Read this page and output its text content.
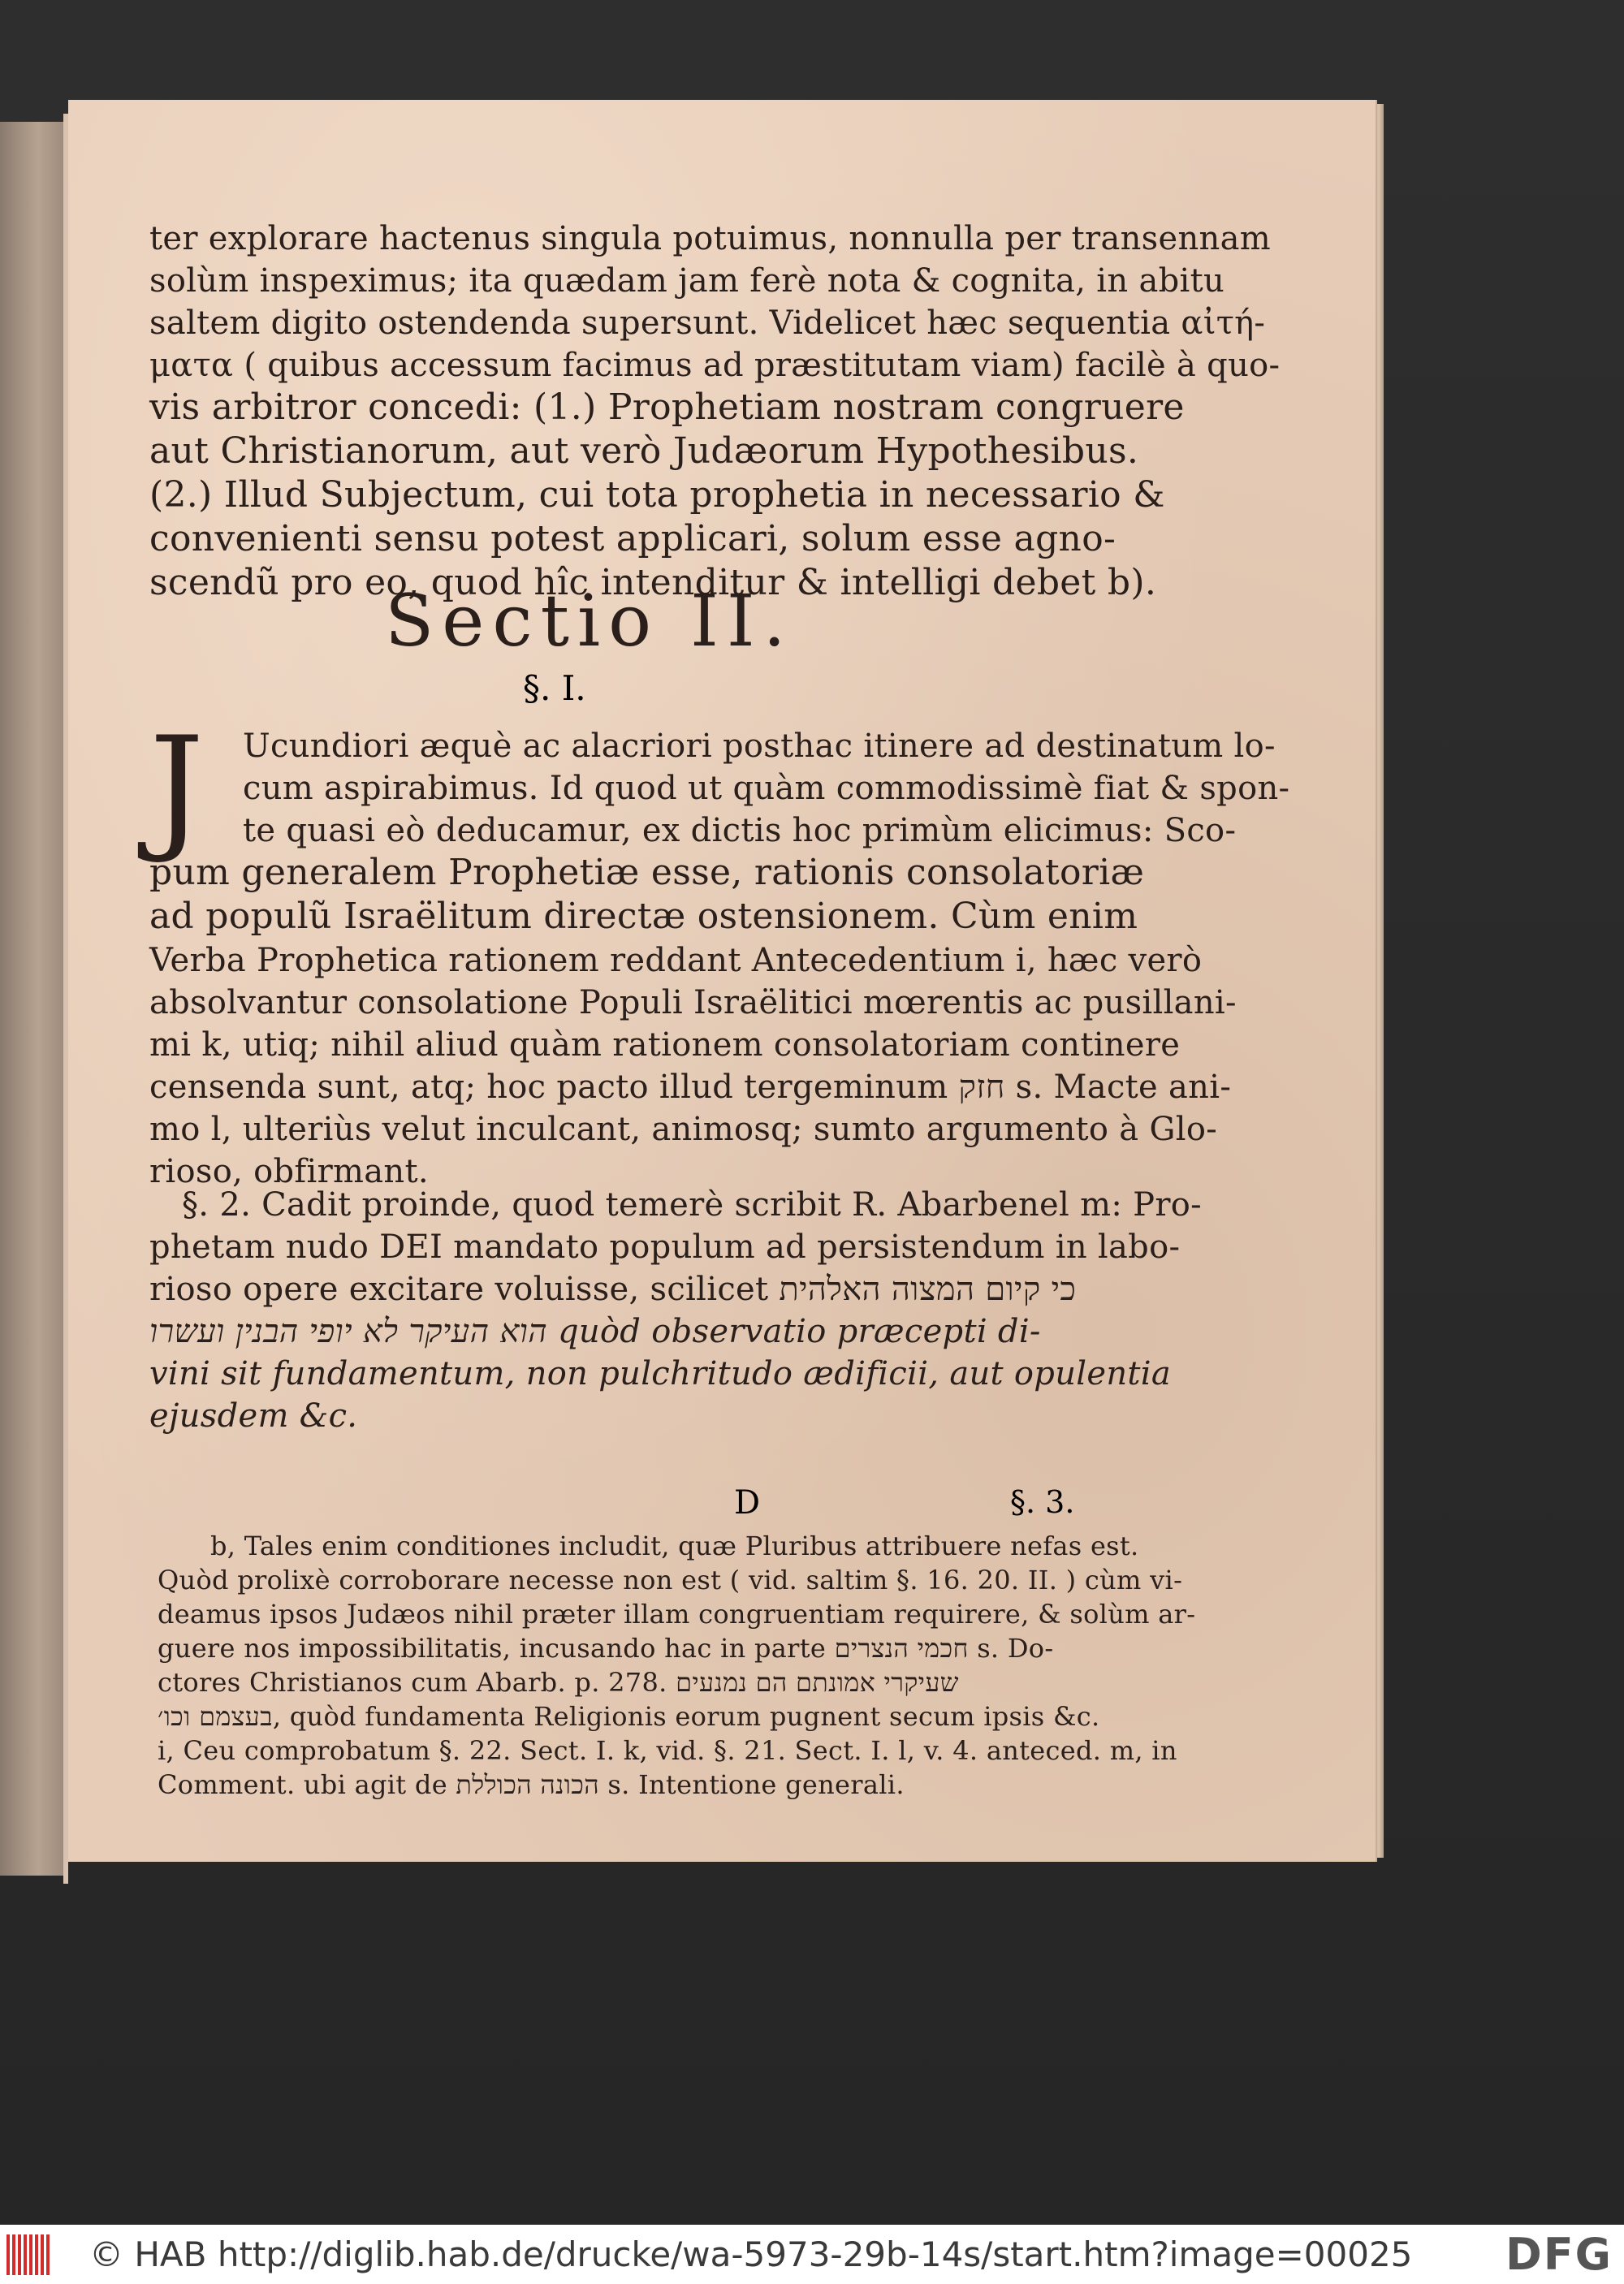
ter explorare hactenus singula potuimus, nonnulla per transennam
solùm inspeximus; ita quædam jam ferè nota & cognita, in abitu
saltem digito ostendenda supersunt. Videlicet hæc sequentia αἰτή-
ματα ( quibus accessum facimus ad præstitutam viam) facilè à quo-
vis arbitror concedi: (1.) Prophetiam nostram congruere
aut Christianorum, aut verò Judæorum Hypothesibus.
(2.) Illud Subjectum, cui tota prophetia in necessario &
convenienti sensu potest applicari, solum esse agno-
scendũ pro eo, quod hîc intenditur & intelligi debet b).
Sectio II.
§. I.
J Ucundiori æquè ac alacriori posthac itinere ad destinatum lo-
cum aspirabimus. Id quod ut quàm commodissimè fiat & spon-
te quasi eò deducamur, ex dictis hoc primùm elicimus: Sco-
pum generalem Prophetiæ esse, rationis consolatoriæ
ad populũ Israëlitum directæ ostensionem. Cùm enim
Verba Prophetica rationem reddant Antecedentium i, hæc verò
absolvantur consolatione Populi Israëlitici mœrentis ac pusillani-
mi k, utiq; nihil aliud quàm rationem consolatoriam continere
censenda sunt, atq; hoc pacto illud tergeminum חזק s. Macte ani-
mo l, ulteriùs velut inculcant, animosq; sumto argumento à Glo-
rioso, obfirmant.
§. 2. Cadit proinde, quod temerè scribit R. Abarbenel m: Pro-
phetam nudo DEI mandato populum ad persistendum in labo-
rioso opere excitare voluisse, scilicet כי קיום המצוה האלהית
הוא העיקר לא יופי הבנין ועשרו quòd observatio præcepti di-
vini sit fundamentum, non pulchritudo ædificii, aut opulentia
ejusdem &c.
D	§. 3.
b, Tales enim conditiones includit, quæ Pluribus attribuere nefas est.
Quòd prolixè corroborare necesse non est ( vid. saltim §. 16. 20. II. ) cùm vi-
deamus ipsos Judæos nihil præter illam congruentiam requirere, & solùm ar-
guere nos impossibilitatis, incusando hac in parte חכמי הנצרים s. Do-
ctores Christianos cum Abarb. p. 278. שעיקרי אמונתם הם נמנעים
בעצמם וכו׳, quòd fundamenta Religionis eorum pugnent secum ipsis &c.
i, Ceu comprobatum §. 22. Sect. I. k, vid. §. 21. Sect. I. l, v. 4. anteced. m, in
Comment. ubi agit de הכונה הכוללת s. Intentione generali.
© HAB http://diglib.hab.de/drucke/wa-5973-29b-14s/start.htm?image=00025 DFG
